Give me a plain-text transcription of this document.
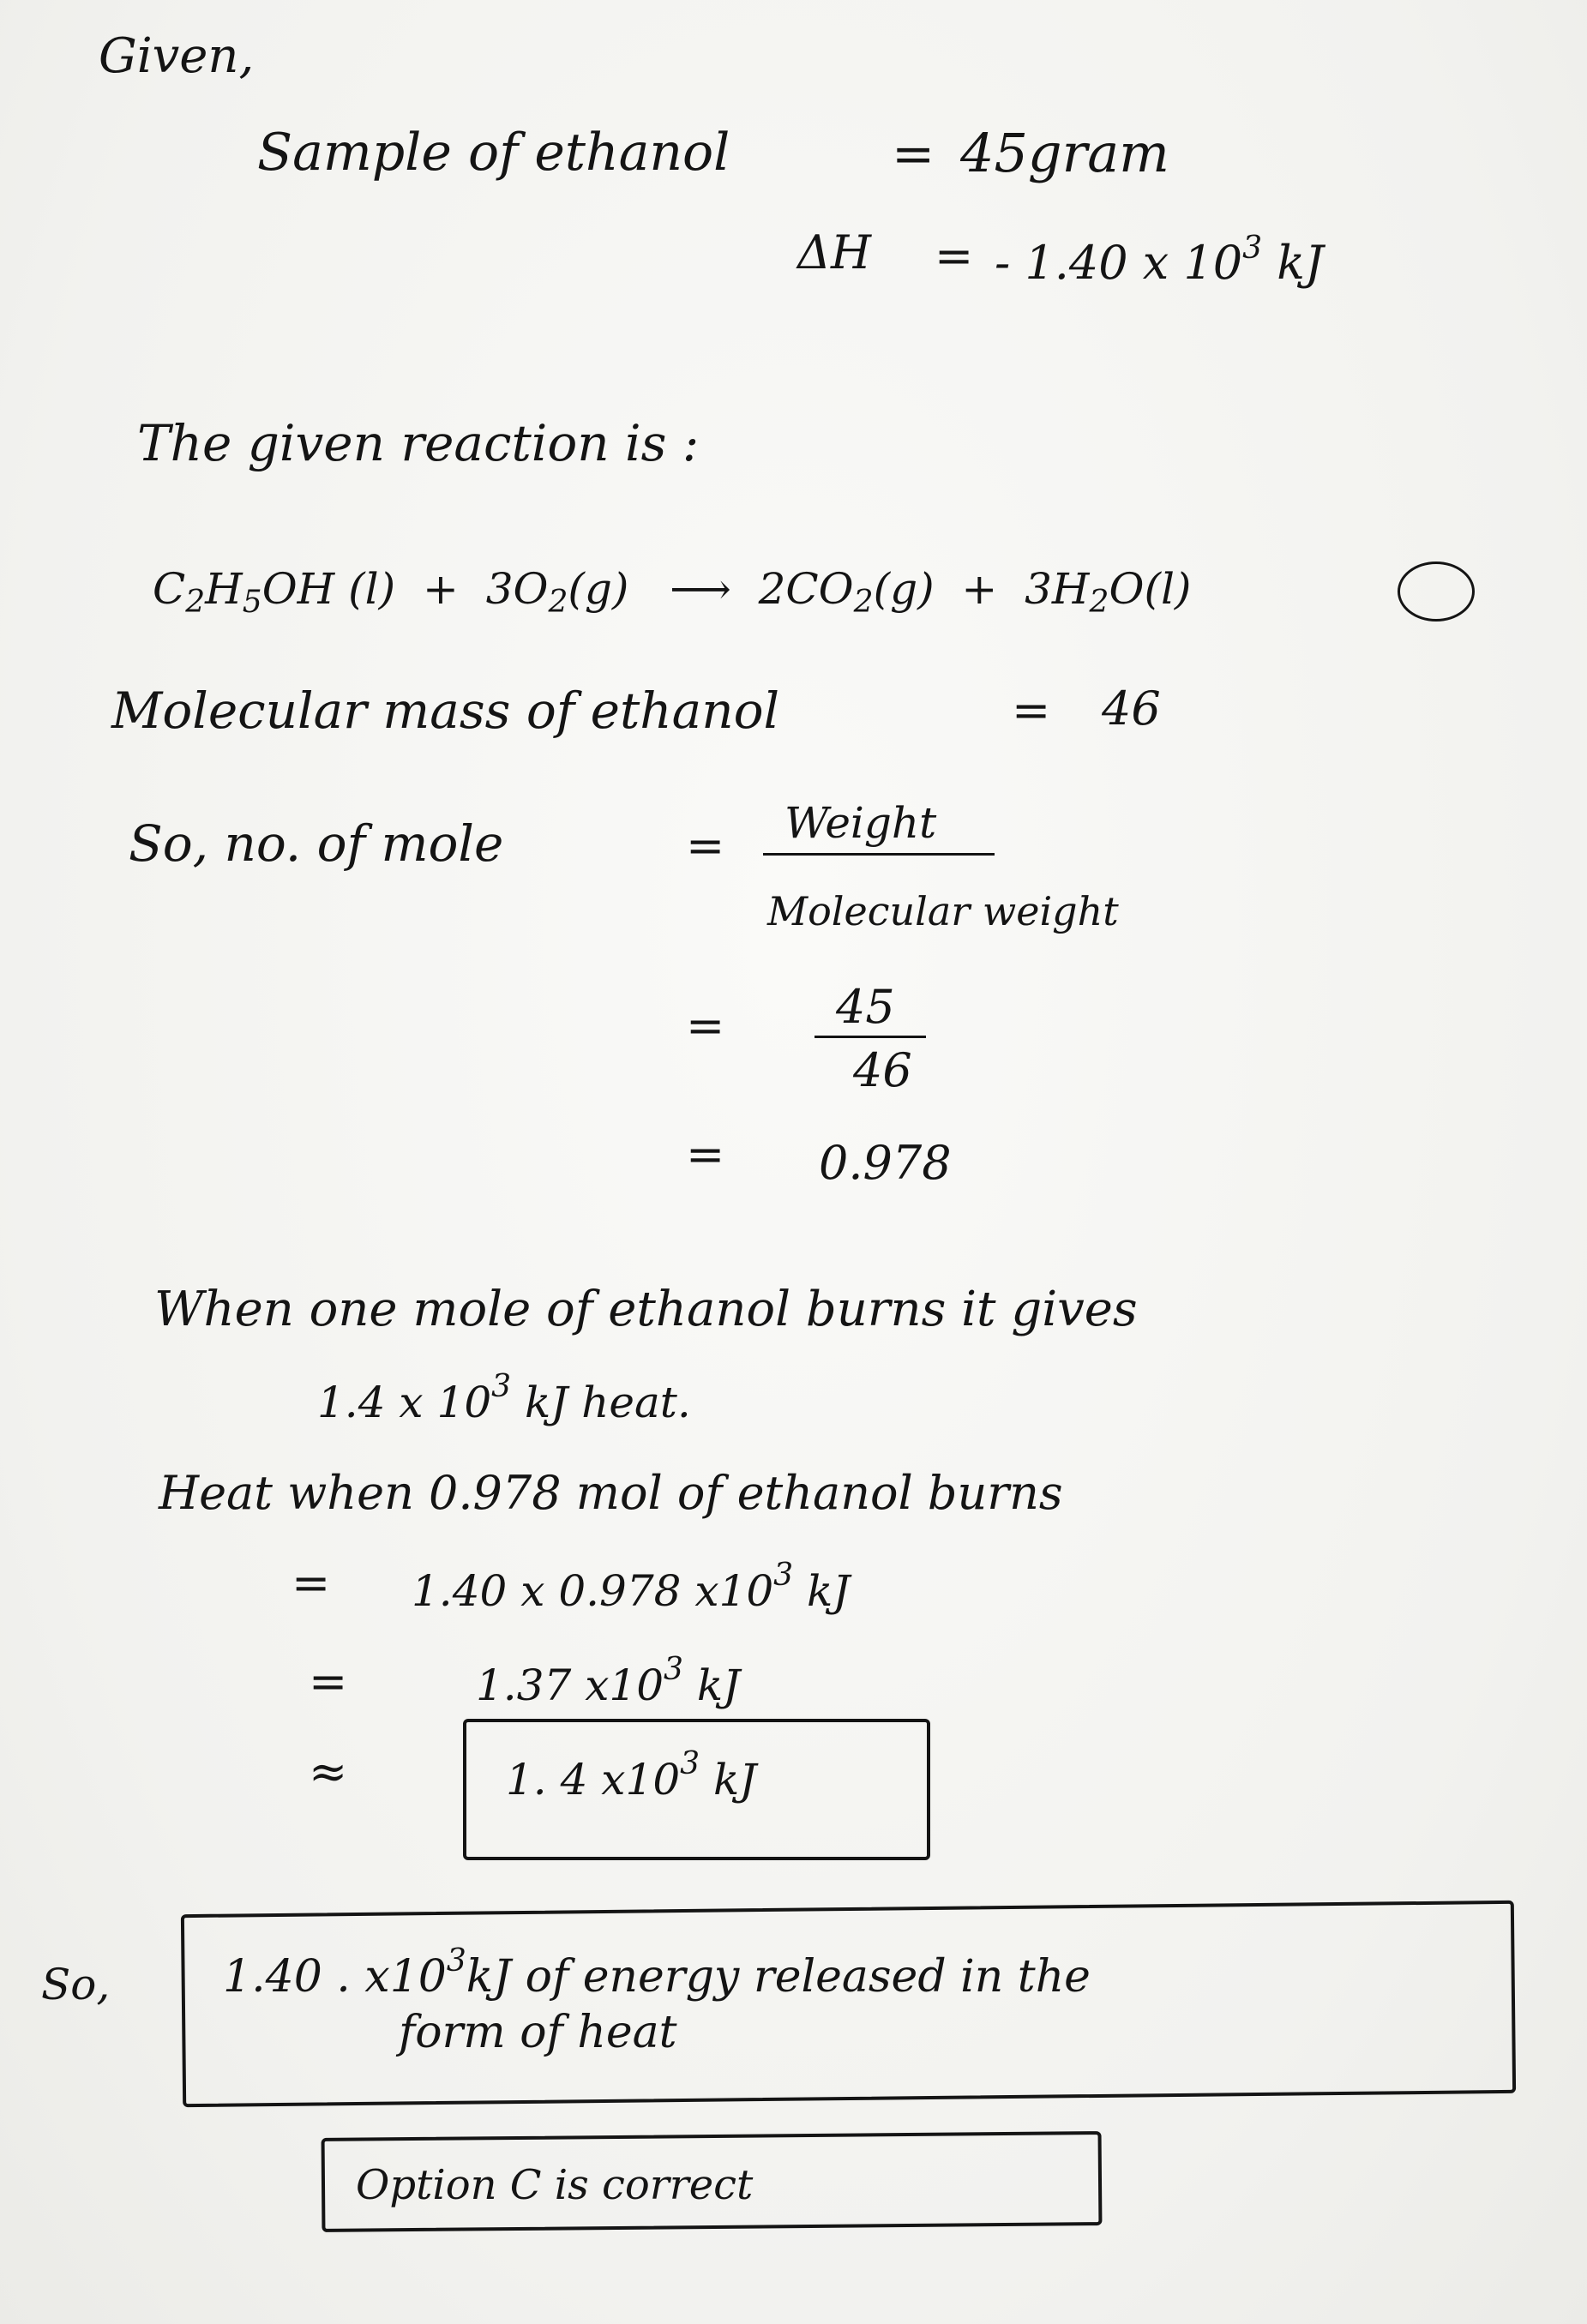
Given,
Sample of ethanol	= 45gram
ΔH = - 1.40 x $10^3$ kJ
The given reaction is :
$C_2H_5OH$ $(l) + 3O_2(g)$ ⟶ $2CO_2(g) + 3H_2O(l)$
Molecular mass of ethanol	= 46
So, no. of mole	= Weight
Molecular weight
= 45
46
= 0.978
When one mole of ethanol burns it gives
1.4 x $10^3$ kJ heat.
Heat when 0.978 mol of ethanol burns
= 1.40 x 0.978 $x10^3$ kJ
=	1.37 $x10^3$ kJ
≈	1. 4 $x10^3$ kJ
So,	1.40 . $x10^3kJ$ of energy released in the
form of heat
Option C is correct
